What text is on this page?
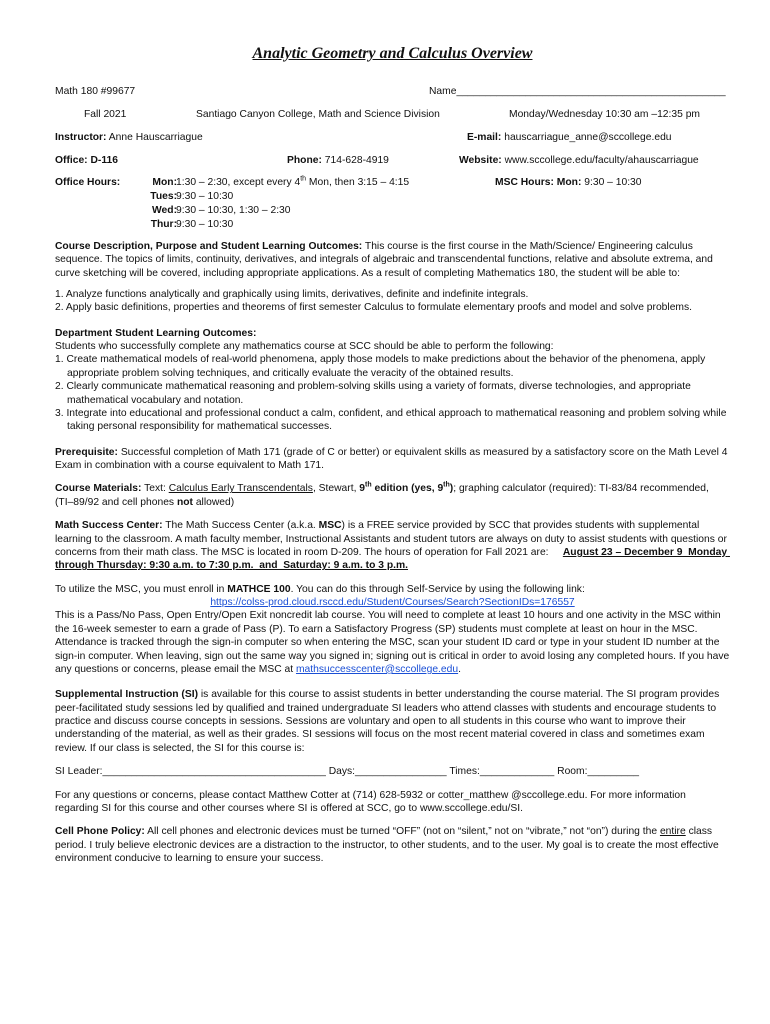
Analytic Geometry and Calculus Overview
Math 180 #99677	Name_______________________________________________
Fall 2021	Santiago Canyon College, Math and Science Division	Monday/Wednesday 10:30 am –12:35 pm
Instructor: Anne Hauscarriague	E-mail: hauscarriague_anne@sccollege.edu
Office: D-116	Phone: 714-628-4919	Website: www.sccollege.edu/faculty/ahauscarriague
Office Hours:	Mon: 1:30 – 2:30, except every 4th Mon, then 3:15 – 4:15
Tues: 9:30 – 10:30
Wed: 9:30 – 10:30, 1:30 – 2:30
Thur: 9:30 – 10:30
MSC Hours: Mon: 9:30 – 10:30

Course Description, Purpose and Student Learning Outcomes: This course is the first course in the Math/Science/ Engineering calculus sequence. The topics of limits, continuity, derivatives, and integrals of algebraic and transcendental functions, relative and absolute extrema, and curve sketching will be covered, including appropriate applications. As a result of completing Mathematics 180, the student will be able to:

1. Analyze functions analytically and graphically using limits, derivatives, definite and indefinite integrals.
2. Apply basic definitions, properties and theorems of first semester Calculus to formulate elementary proofs and model and solve problems.
Department Student Learning Outcomes:
Students who successfully complete any mathematics course at SCC should be able to perform the following:
1. Create mathematical models of real-world phenomena, apply those models to make predictions about the behavior of the phenomena, apply appropriate problem solving techniques, and critically evaluate the veracity of the obtained results.
2. Clearly communicate mathematical reasoning and problem-solving skills using a variety of formats, diverse technologies, and appropriate mathematical vocabulary and notation.
3. Integrate into educational and professional conduct a calm, confident, and ethical approach to mathematical reasoning and problem solving while taking personal responsibility for mathematical successes.

Prerequisite: Successful completion of Math 171 (grade of C or better) or equivalent skills as measured by a satisfactory score on the Math Level 4 Exam in combination with a course equivalent to Math 171.

Course Materials: Text: Calculus Early Transcendentals, Stewart, 9th edition (yes, 9th); graphing calculator (required): TI-83/84 recommended, (TI–89/92 and cell phones not allowed)

Math Success Center: The Math Success Center (a.k.a. MSC) is a FREE service provided by SCC that provides students with supplemental learning to the classroom. A math faculty member, Instructional Assistants and student tutors are always on duty to assist students with questions or concerns from their math class. The MSC is located in room D-209. The hours of operation for Fall 2021 are:     August 23 – December 9  Monday through Thursday: 9:30 a.m. to 7:30 p.m.  and  Saturday: 9 a.m. to 3 p.m.

To utilize the MSC, you must enroll in MATHCE 100. You can do this through Self-Service by using the following link:
https://colss-prod.cloud.rsccd.edu/Student/Courses/Search?SectionIDs=176557
This is a Pass/No Pass, Open Entry/Open Exit noncredit lab course. You will need to complete at least 10 hours and one activity in the MSC within the 16-week semester to earn a grade of Pass (P). To earn a Satisfactory Progress (SP) students must complete at least on hour in the MSC. Attendance is tracked through the sign-in computer so when entering the MSC, scan your student ID card or type in your student ID number at the sign-in computer. When leaving, sign out the same way you signed in; signing out is critical in order to avoid losing any completed hours. If you have any questions or concerns, please email the MSC at mathsuccesscenter@sccollege.edu.

Supplemental Instruction (SI) is available for this course to assist students in better understanding the course material. The SI program provides peer-facilitated study sessions led by qualified and trained undergraduate SI leaders who attend classes with students and encourage students to practice and discuss course concepts in sessions. Sessions are voluntary and open to all students in this course who want to improve their understanding of the material, as well as their grades. SI sessions will focus on the most recent material covered in class and sometimes exam review. If our class is selected, the SI for this course is:

SI Leader:_______________________________________ Days:________________ Times:_____________ Room:_________

For any questions or concerns, please contact Matthew Cotter at (714) 628-5932 or cotter_matthew @sccollege.edu. For more information regarding SI for this course and other courses where SI is offered at SCC, go to www.sccollege.edu/SI.

Cell Phone Policy: All cell phones and electronic devices must be turned “OFF” (not on “silent,” not on “vibrate,” not “on”) during the entire class period. I truly believe electronic devices are a distraction to the instructor, to other students, and to the user. My goal is to create the most effective environment conducive to learning to ensure your success.
